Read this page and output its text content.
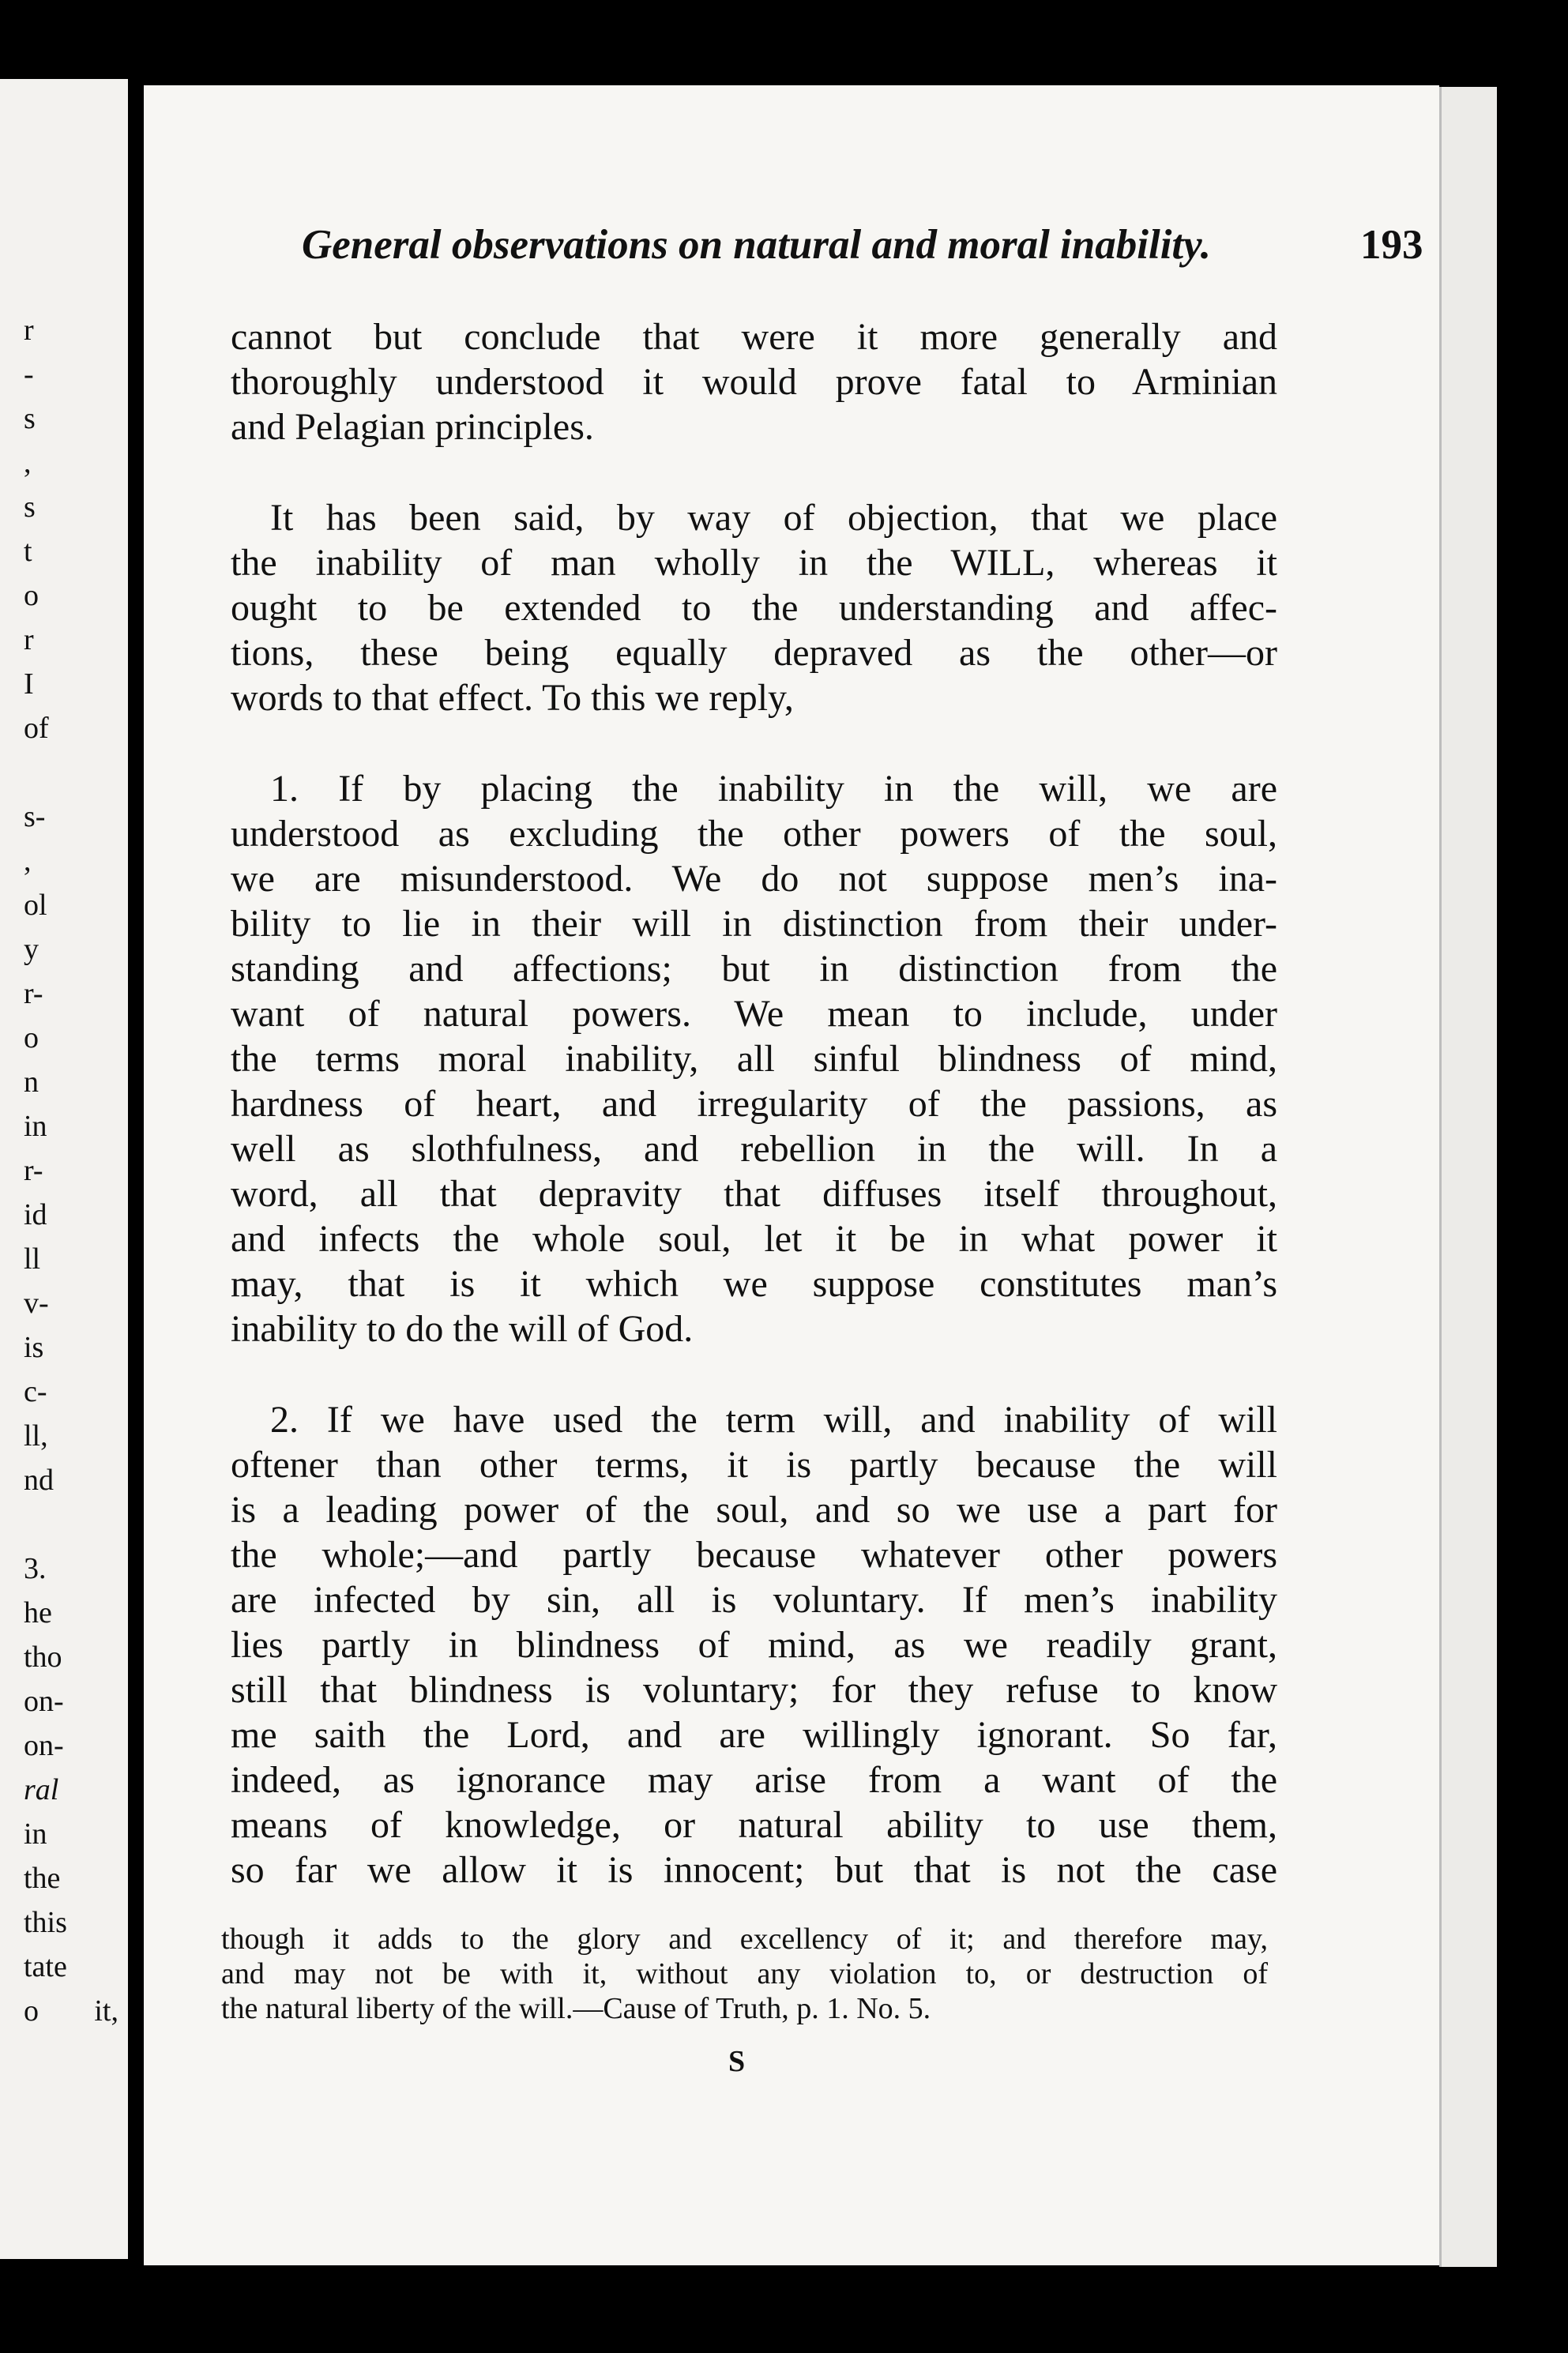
r
-
s
,
s
t
o
r
I
of
s-
,
ol
y
r-
o
n
in
r-
id
ll
v-
is
c-
ll,
nd
3.
he
tho
on-
on-
ral
in
the
this
tate
o it,
General observations on natural and moral inability.	193

cannot but conclude that were it more generally and
thoroughly understood it would prove fatal to Arminian
and Pelagian principles.

It has been said, by way of objection, that we place
the inability of man wholly in the WILL, whereas it
ought to be extended to the understanding and affec-
tions, these being equally depraved as the other—or
words to that effect. To this we reply,

1. If by placing the inability in the will, we are
understood as excluding the other powers of the soul,
we are misunderstood. We do not suppose men’s ina-
bility to lie in their will in distinction from their under-
standing and affections; but in distinction from the
want of natural powers. We mean to include, under
the terms moral inability, all sinful blindness of mind,
hardness of heart, and irregularity of the passions, as
well as slothfulness, and rebellion in the will. In a
word, all that depravity that diffuses itself throughout,
and infects the whole soul, let it be in what power it
may, that is it which we suppose constitutes man’s
inability to do the will of God.

2. If we have used the term will, and inability of will
oftener than other terms, it is partly because the will
is a leading power of the soul, and so we use a part for
the whole;—and partly because whatever other powers
are infected by sin, all is voluntary. If men’s inability
lies partly in blindness of mind, as we readily grant,
still that blindness is voluntary; for they refuse to know
me saith the Lord, and are willingly ignorant. So far,
indeed, as ignorance may arise from a want of the
means of knowledge, or natural ability to use them,
so far we allow it is innocent; but that is not the case

though it adds to the glory and excellency of it; and therefore may,
and may not be with it, without any violation to, or destruction of
the natural liberty of the will.—Cause of Truth, p. 1. No. 5.
S
